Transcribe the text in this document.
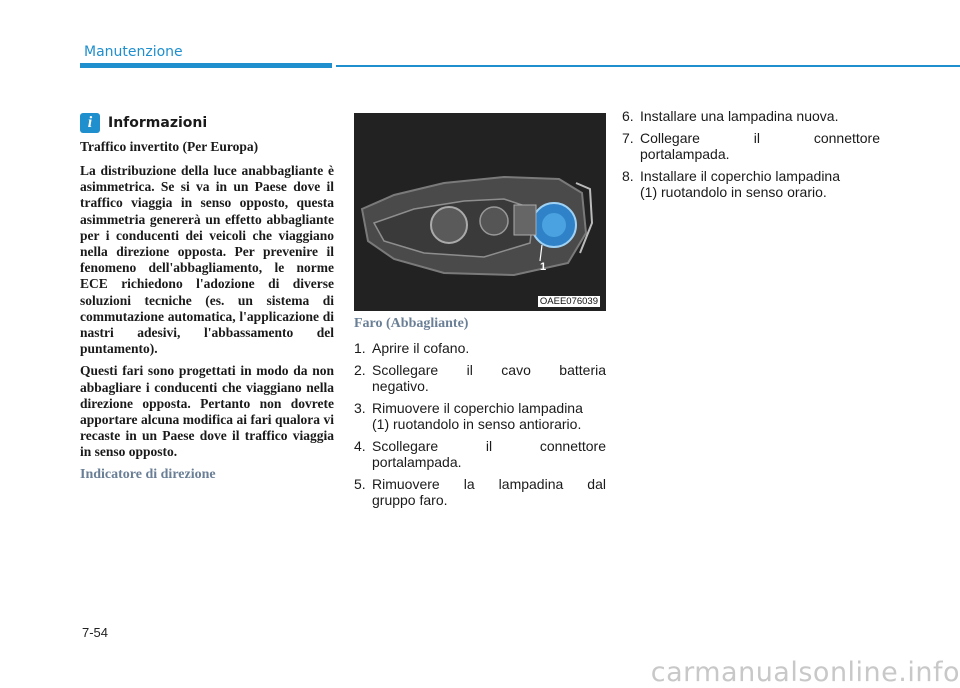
Manutenzione
i	Informazioni

Traffico invertito (Per Europa)

La distribuzione della luce anabbagliante è asimmetrica. Se si va in un Paese dove il traffico viaggia in senso opposto, questa asimmetria genererà un effetto abbagliante per i conducenti dei veicoli che viaggiano nella direzione opposta. Per prevenire il fenomeno dell'abbagliamento, le norme ECE richiedono l'adozione di diverse soluzioni tecniche (es. un sistema di commutazione automatica, l'applicazione di nastri adesivi, l'abbassamento del puntamento).

Questi fari sono progettati in modo da non abbagliare i conducenti che viaggiano nella direzione opposta. Pertanto non dovrete apportare alcuna modifica ai fari qualora vi recaste in un Paese dove il traffico viaggia in senso opposto.

Indicatore di direzione

1
OAEE076039

Faro (Abbagliante)

1. Aprire il cofano.
2. Scollegare il cavo batteria
negativo.
3. Rimuovere il coperchio lampadina
(1) ruotandolo in senso antiorario.
4. Scollegare il connettore
portalampada.
5. Rimuovere la lampadina dal
gruppo faro.
6. Installare una lampadina nuova.
7. Collegare il connettore
portalampada.
8. Installare il coperchio lampadina
(1) ruotandolo in senso orario.
7-54
carmanualsonline.info
